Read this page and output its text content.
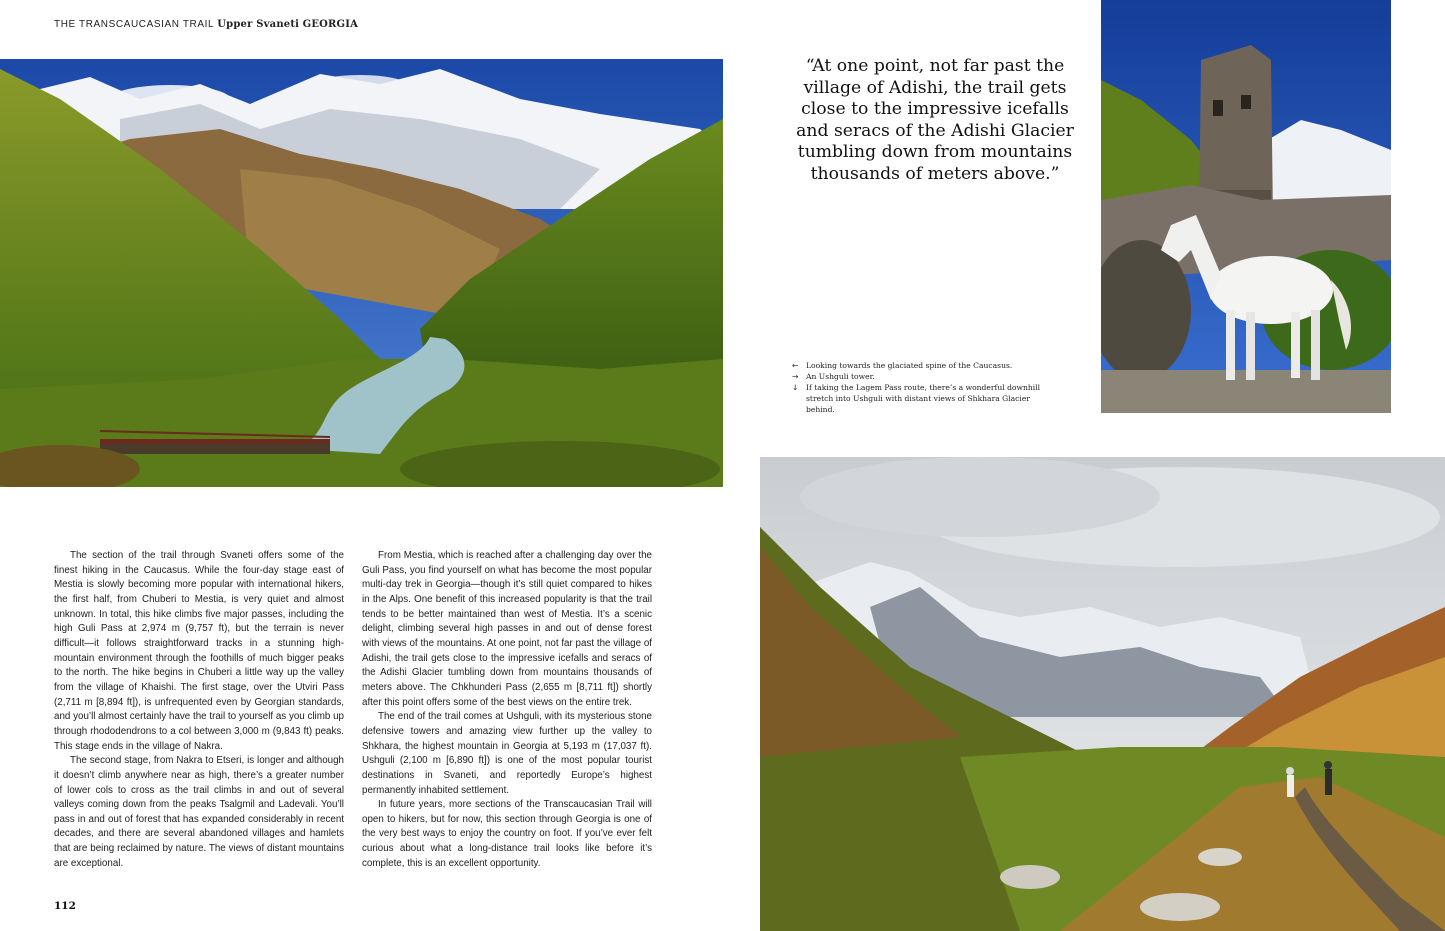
THE TRANSCAUCASIAN TRAIL Upper Svaneti GEORGIA
“At one point, not far past the village of Adishi, the trail gets close to the impressive icefalls and seracs of the Adishi Glacier tumbling down from mountains thousands of meters above.”
←	Looking towards the glaciated spine of the Caucasus.
→	An Ushguli tower.
↓	If taking the Lagem Pass route, there’s a wonderful downhill stretch into Ushguli with distant views of Shkhara Glacier behind.

The section of the trail through Svaneti offers some of the finest hiking in the Caucasus. While the four-day stage east of Mestia is slowly becoming more popular with international hikers, the first half, from Chuberi to Mestia, is very quiet and almost unknown. In total, this hike climbs five major passes, including the high Guli Pass at 2,974 m (9,757 ft), but the terrain is never difficult—it follows straightforward tracks in a stunning high-mountain environment through the foothills of much bigger peaks to the north. The hike begins in Chuberi a little way up the valley from the village of Khaishi. The first stage, over the Utviri Pass (2,711 m [8,894 ft]), is unfrequented even by Georgian standards, and you’ll almost certainly have the trail to yourself as you climb up through rhododendrons to a col between 3,000 m (9,843 ft) peaks. This stage ends in the village of Nakra.

The second stage, from Nakra to Etseri, is longer and although it doesn’t climb anywhere near as high, there’s a greater number of lower cols to cross as the trail climbs in and out of several valleys coming down from the peaks Tsalgmil and Ladevali. You’ll pass in and out of forest that has expanded considerably in recent decades, and there are several abandoned villages and hamlets that are being reclaimed by nature. The views of distant mountains are exceptional.

From Mestia, which is reached after a challenging day over the Guli Pass, you find yourself on what has become the most popular multi-day trek in Georgia—though it’s still quiet compared to hikes in the Alps. One benefit of this increased popularity is that the trail tends to be better maintained than west of Mestia. It’s a scenic delight, climbing several high passes in and out of dense forest with views of the mountains. At one point, not far past the village of Adishi, the trail gets close to the impressive icefalls and seracs of the Adishi Glacier tumbling down from mountains thousands of meters above. The Chkhunderi Pass (2,655 m [8,711 ft]) shortly after this point offers some of the best views on the entire trek.

The end of the trail comes at Ushguli, with its mysterious stone defensive towers and amazing view further up the valley to Shkhara, the highest mountain in Georgia at 5,193 m (17,037 ft). Ushguli (2,100 m [6,890 ft]) is one of the most popular tourist destinations in Svaneti, and reportedly Europe’s highest permanently inhabited settlement.

In future years, more sections of the Transcaucasian Trail will open to hikers, but for now, this section through Georgia is one of the very best ways to enjoy the country on foot. If you’ve ever felt curious about what a long-distance trail looks like before it’s complete, this is an excellent opportunity.

112
